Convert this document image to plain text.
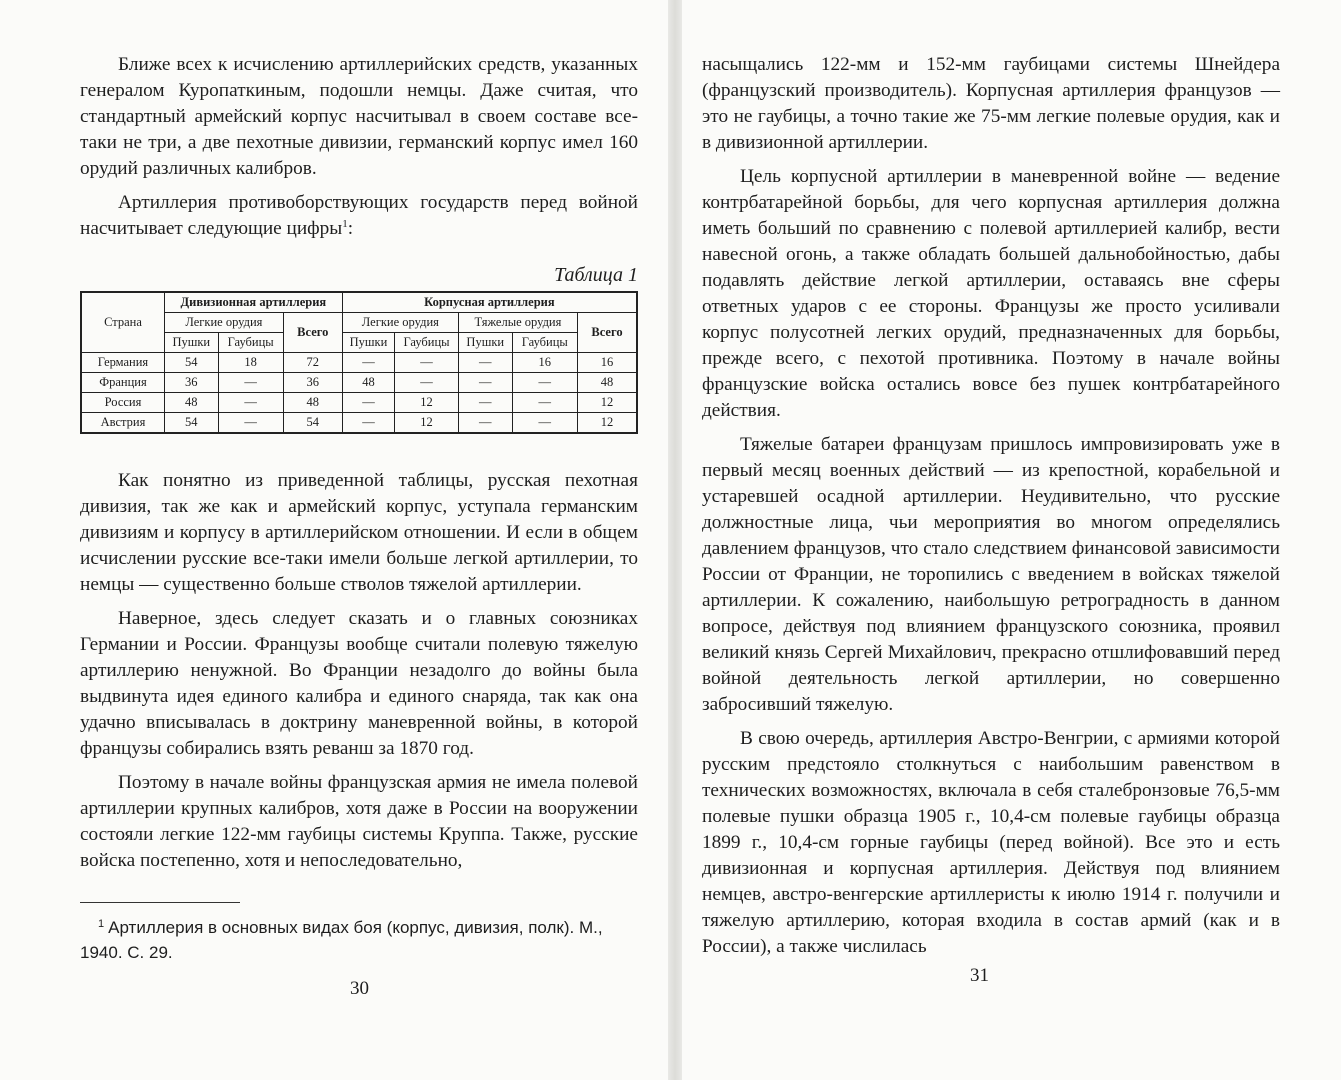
Ближе всех к исчислению артиллерийских средств, указанных генералом Куропаткиным, подошли немцы. Даже считая, что стандартный армейский корпус насчитывал в своем составе все-таки не три, а две пехотные дивизии, германский корпус имел 160 орудий различных калибров.

Артиллерия противоборствующих государств перед войной насчитывает следующие цифры$^1$:

Таблица 1
Страна	Дивизионная артиллерия			Корпусная артиллерия				
	Легкие орудия		Всего	Легкие орудия		Тяжелые орудия		Всего
	Пушки	Гаубицы		Пушки	Гаубицы	Пушки	Гаубицы	
Германия	54	18	72	—	—	—	16	16
Франция	36	—	36	48	—	—	—	48
Россия	48	—	48	—	12	—	—	12
Австрия	54	—	54	—	12	—	—	12

Как понятно из приведенной таблицы, русская пехотная дивизия, так же как и армейский корпус, уступала германским дивизиям и корпусу в артиллерийском отношении. И если в общем исчислении русские все-таки имели больше легкой артиллерии, то немцы — существенно больше стволов тяжелой артиллерии.

Наверное, здесь следует сказать и о главных союзниках Германии и России. Французы вообще считали полевую тяжелую артиллерию ненужной. Во Франции незадолго до войны была выдвинута идея единого калибра и единого снаряда, так как она удачно вписывалась в доктрину маневренной войны, в которой французы собирались взять реванш за 1870 год.

Поэтому в начале войны французская армия не имела полевой артиллерии крупных калибров, хотя даже в России на вооружении состояли легкие 122-мм гаубицы системы Круппа. Также, русские войска постепенно, хотя и непоследовательно,

$^1$ Артиллерия в основных видах боя (корпус, дивизия, полк). М., 1940. С. 29.
30

насыщались 122-мм и 152-мм гаубицами системы Шнейдера (французский производитель). Корпусная артиллерия французов — это не гаубицы, а точно такие же 75-мм легкие полевые орудия, как и в дивизионной артиллерии.

Цель корпусной артиллерии в маневренной войне — ведение контрбатарейной борьбы, для чего корпусная артиллерия должна иметь больший по сравнению с полевой артиллерией калибр, вести навесной огонь, а также обладать большей дальнобойностью, дабы подавлять действие легкой артиллерии, оставаясь вне сферы ответных ударов с ее стороны. Французы же просто усиливали корпус полусотней легких орудий, предназначенных для борьбы, прежде всего, с пехотой противника. Поэтому в начале войны французские войска остались вовсе без пушек контрбатарейного действия.

Тяжелые батареи французам пришлось импровизировать уже в первый месяц военных действий — из крепостной, корабельной и устаревшей осадной артиллерии. Неудивительно, что русские должностные лица, чьи мероприятия во многом определялись давлением французов, что стало следствием финансовой зависимости России от Франции, не торопились с введением в войсках тяжелой артиллерии. К сожалению, наибольшую ретроградность в данном вопросе, действуя под влиянием французского союзника, проявил великий князь Сергей Михайлович, прекрасно отшлифовавший перед войной деятельность легкой артиллерии, но совершенно забросивший тяжелую.

В свою очередь, артиллерия Австро-Венгрии, с армиями которой русским предстояло столкнуться с наибольшим равенством в технических возможностях, включала в себя сталебронзовые 76,5-мм полевые пушки образца 1905 г., 10,4-см полевые гаубицы образца 1899 г., 10,4-см горные гаубицы (перед войной). Все это и есть дивизионная и корпусная артиллерия. Действуя под влиянием немцев, австро-венгерские артиллеристы к июлю 1914 г. получили и тяжелую артиллерию, которая входила в состав армий (как и в России), а также числилась

31
